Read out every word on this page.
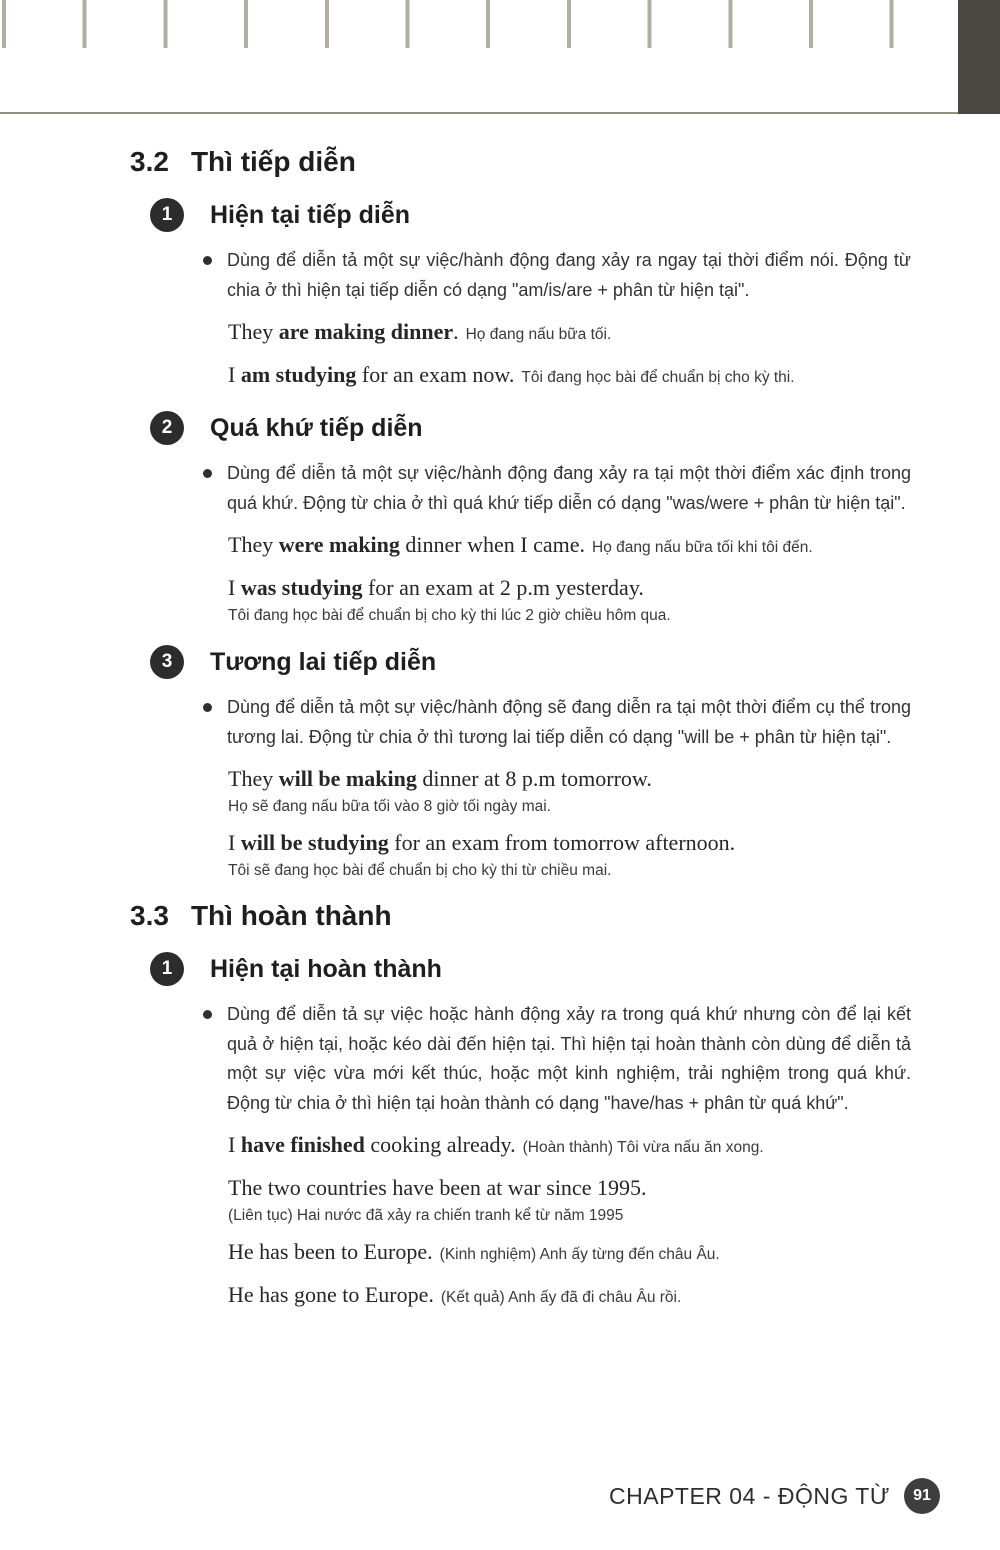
3.2 Thì tiếp diễn
1	Hiện tại tiếp diễn

Dùng để diễn tả một sự việc/hành động đang xảy ra ngay tại thời điểm nói. Động từ chia ở thì hiện tại tiếp diễn có dạng "am/is/are + phân từ hiện tại".

They are making dinner. Họ đang nấu bữa tối.
I am studying for an exam now. Tôi đang học bài để chuẩn bị cho kỳ thi.
2	Quá khứ tiếp diễn

Dùng để diễn tả một sự việc/hành động đang xảy ra tại một thời điểm xác định trong quá khứ. Động từ chia ở thì quá khứ tiếp diễn có dạng "was/were + phân từ hiện tại".

They were making dinner when I came. Họ đang nấu bữa tối khi tôi đến.
I was studying for an exam at 2 p.m yesterday.
Tôi đang học bài để chuẩn bị cho kỳ thi lúc 2 giờ chiều hôm qua.
3	Tương lai tiếp diễn

Dùng để diễn tả một sự việc/hành động sẽ đang diễn ra tại một thời điểm cụ thể trong tương lai. Động từ chia ở thì tương lai tiếp diễn có dạng "will be + phân từ hiện tại".

They will be making dinner at 8 p.m tomorrow.
Họ sẽ đang nấu bữa tối vào 8 giờ tối ngày mai.
I will be studying for an exam from tomorrow afternoon.
Tôi sẽ đang học bài để chuẩn bị cho kỳ thi từ chiều mai.
3.3 Thì hoàn thành
1	Hiện tại hoàn thành

Dùng để diễn tả sự việc hoặc hành động xảy ra trong quá khứ nhưng còn để lại kết quả ở hiện tại, hoặc kéo dài đến hiện tại. Thì hiện tại hoàn thành còn dùng để diễn tả một sự việc vừa mới kết thúc, hoặc một kinh nghiệm, trải nghiệm trong quá khứ. Động từ chia ở thì hiện tại hoàn thành có dạng "have/has + phân từ quá khứ".

I have finished cooking already. (Hoàn thành) Tôi vừa nấu ăn xong.
The two countries have been at war since 1995.
(Liên tục) Hai nước đã xảy ra chiến tranh kể từ năm 1995
He has been to Europe. (Kinh nghiệm) Anh ấy từng đến châu Âu.
He has gone to Europe. (Kết quả) Anh ấy đã đi châu Âu rồi.
CHAPTER 04 - ĐỘNG TỪ	91
